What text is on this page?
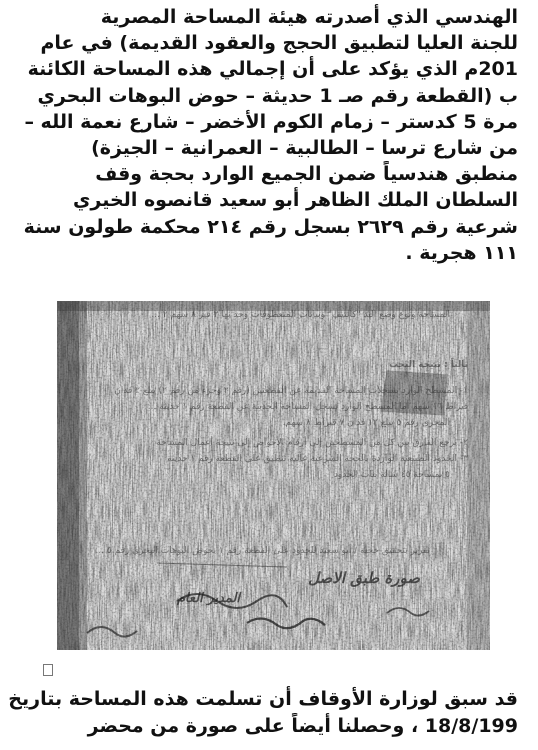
الهندسي الذي أصدرته هيئة المساحة المصرية
للجنة العليا لتطبيق الحجج والعقود القديمة) في عام
201م الذي يؤكد على أن إجمالي هذه المساحة الكائنة
ب (القطعة رقم صـ 1 حديثة – حوض البوهات البحري
مرة 5 كدستر – زمام الكوم الأخضر – شارع نعمة الله –
من شارع ترسا – الطالبية – العمرانية – الجيزة)
منطبق هندسياً ضمن الجميع الوارد بحجة وقف
السلطان الملك الظاهر أبو سعيد قانصوه الخيري
شرعية رقم ٢٦٢٩ بسجل رقم ٢١٤ محكمة طولون سنة
١١١ هجرية .
المساحة ونوع وضع اليد "كالتيف" وبيانات المتعطوفات وجد بها ٢ قير ٨ سهم ٢ ...
ثالثاً : نتيجة البحث
١- المسطح الوارد بسجلات المساحة القديمة عن القطعتين (رقم ٢ وجزء من رقم ٢) يبلغ ٢ فدان
قيراط ١٦ سهم أما المسطح الوارد بسجل المساحة الحديثة عن القطعة رقم ١ حديثة ...
المجرى رقم ٥ يبلغ ١٢ فدان ٧ قيراط ٨ سهم.
٢- يرجع الفارق بين كل من المسطحين إلى أرقام الأحواض إلى نتيجة أعمال المساحة
٣- الحدود الطبيعية الواردة بالحجة الشرعية عاليه تنطبق على القطعة رقم ١ حديثة
٥ بمساحة ٤٥ شالة بنات الحدود
تقرير بتحقيق حجية / أبو سعيد للحدود على القطعة رقم ١ بحوض البوهات البحري رقم ٥ ...
صورة طبق الاصل
المدير العام
قد سبق لوزارة الأوقاف أن تسلمت هذه المساحة بتاريخ
18/8/199 ، وحصلنا أيضاً على صورة من محضر
